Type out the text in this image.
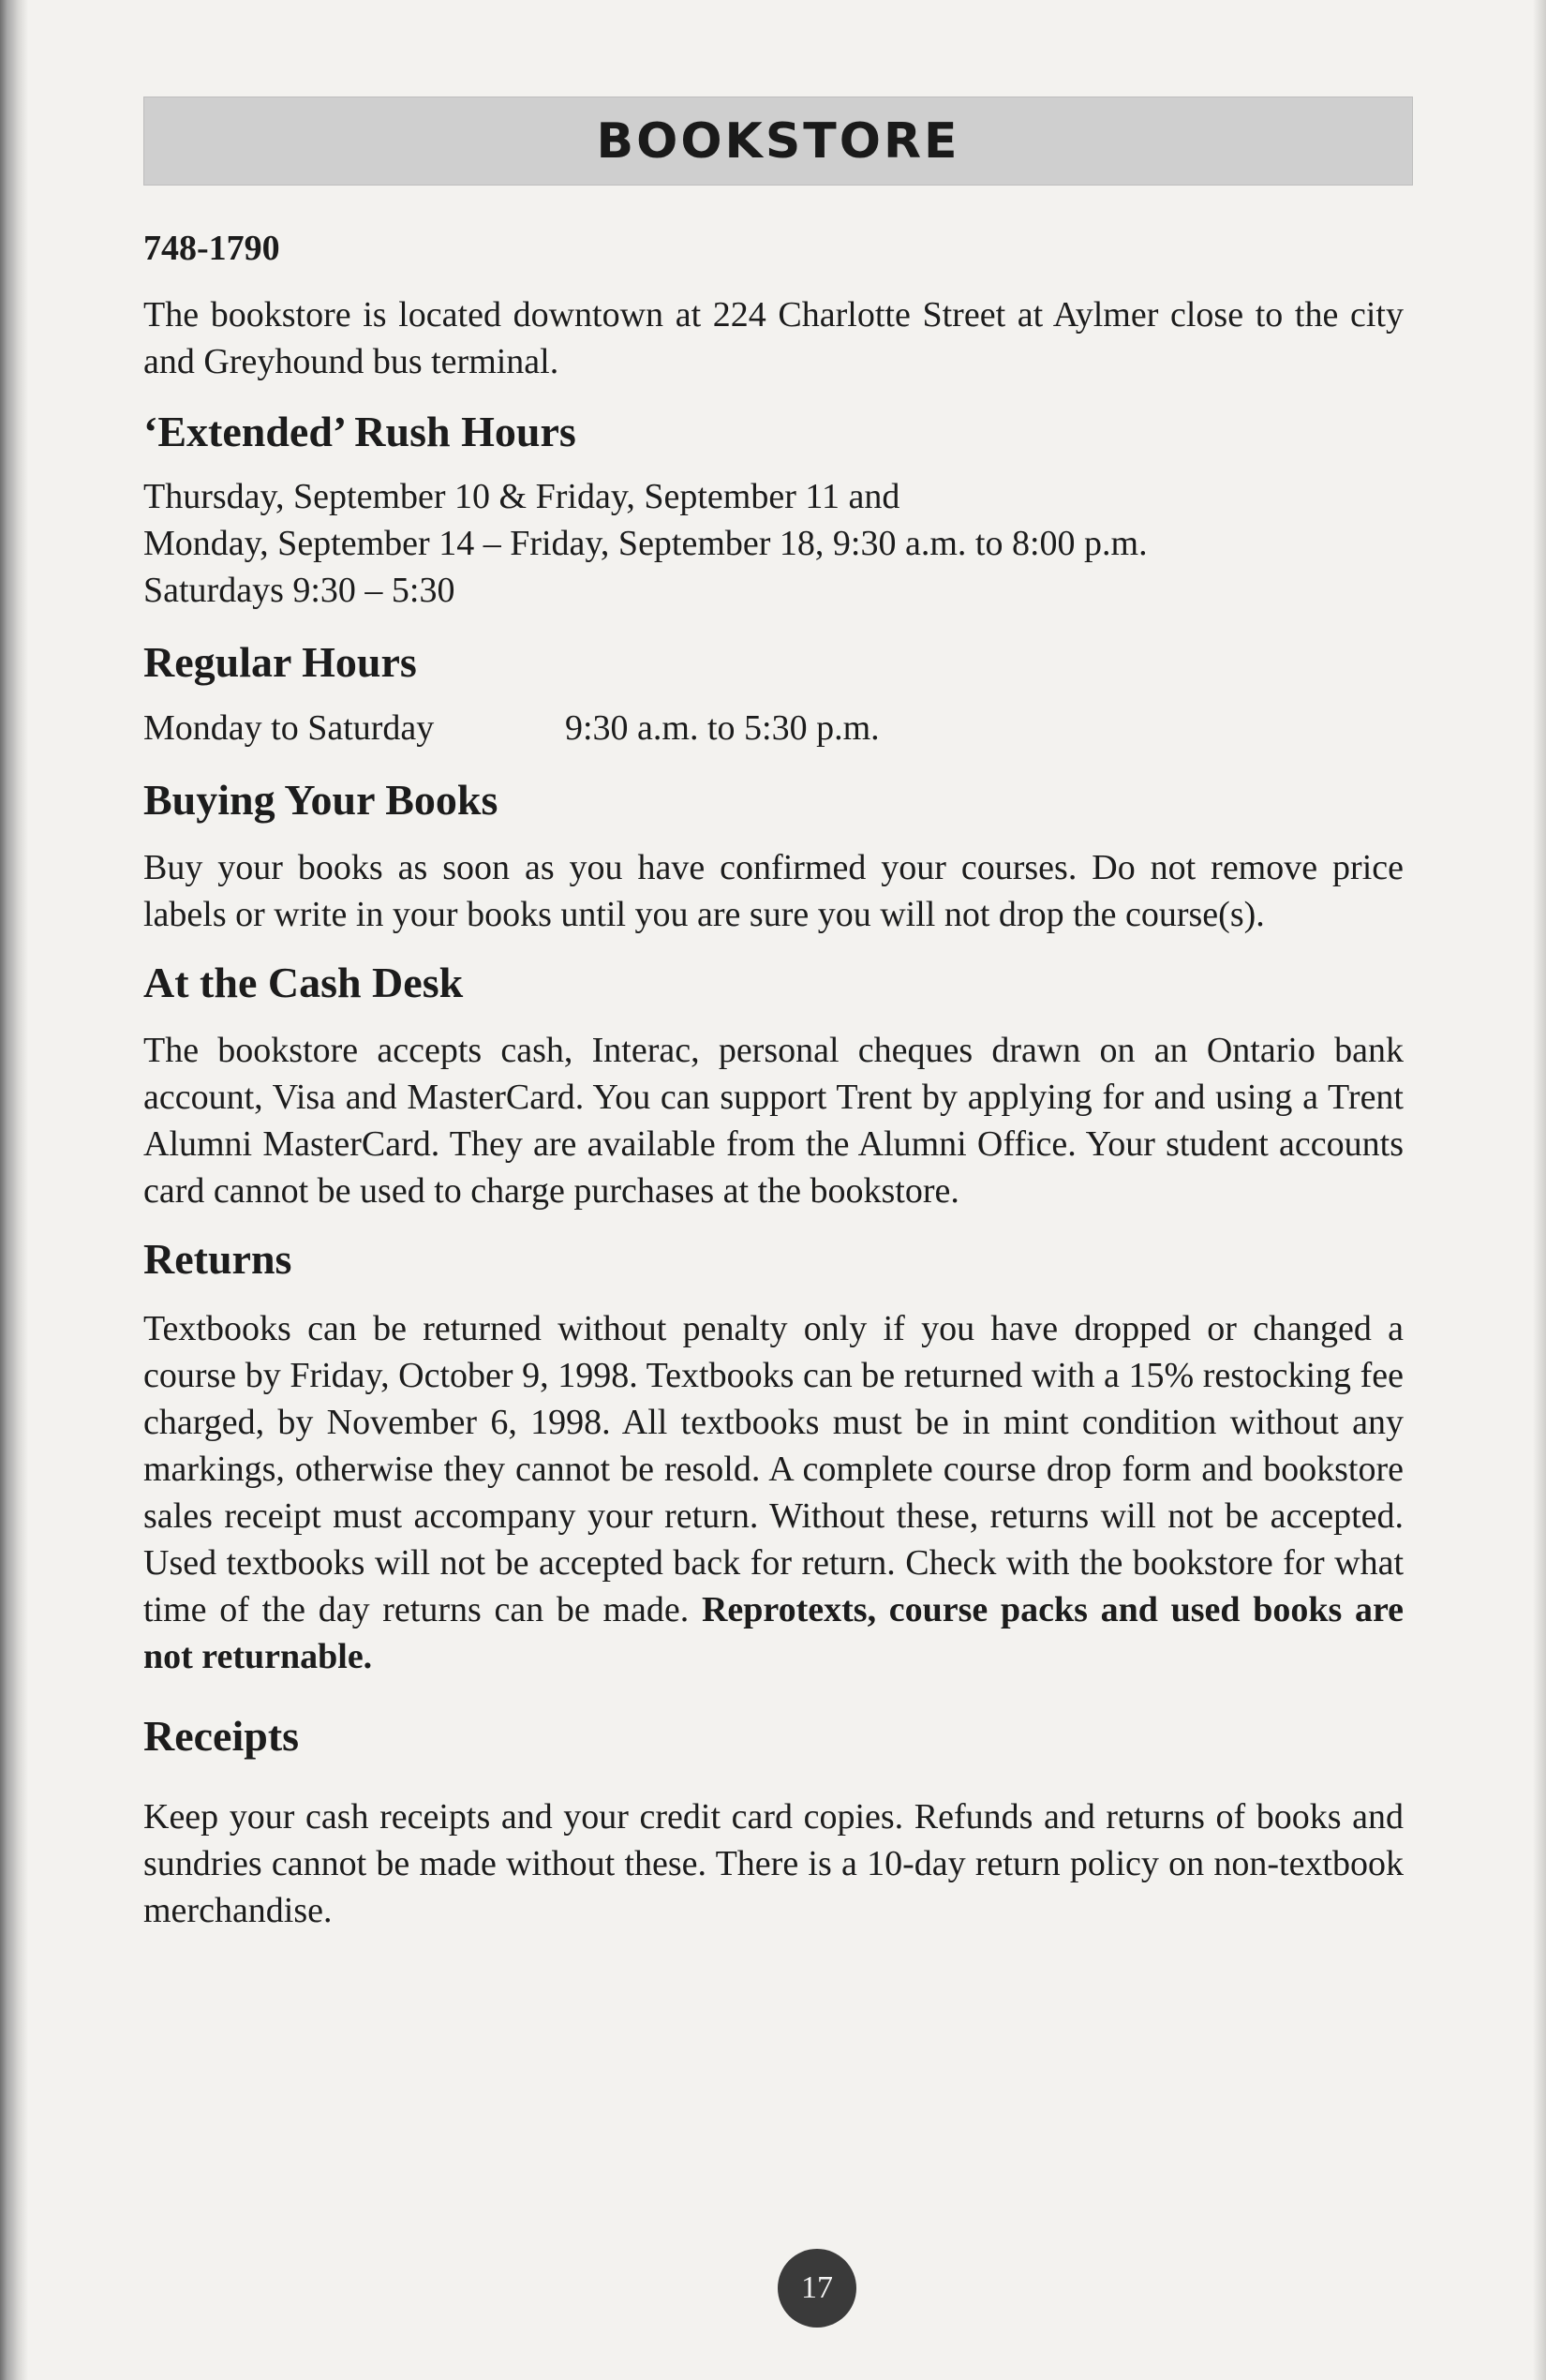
BOOKSTORE
748-1790

The bookstore is located downtown at 224 Charlotte Street at Aylmer close to the city and Greyhound bus terminal.

‘Extended’ Rush Hours

Thursday, September 10 & Friday, September 11 and

Monday, September 14 – Friday, September 18, 9:30 a.m. to 8:00 p.m.

Saturdays 9:30 – 5:30

Regular Hours
Monday to Saturday	9:30 a.m. to 5:30 p.m.
Buying Your Books

Buy your books as soon as you have confirmed your courses. Do not remove price labels or write in your books until you are sure you will not drop the course(s).

At the Cash Desk

The bookstore accepts cash, Interac, personal cheques drawn on an Ontario bank account, Visa and MasterCard. You can support Trent by applying for and using a Trent Alumni MasterCard. They are available from the Alumni Office. Your student accounts card cannot be used to charge purchases at the bookstore.

Returns

Textbooks can be returned without penalty only if you have dropped or changed a course by Friday, October 9, 1998. Textbooks can be returned with a 15% restocking fee charged, by November 6, 1998. All textbooks must be in mint condition without any markings, otherwise they cannot be resold. A complete course drop form and bookstore sales receipt must accompany your return. Without these, returns will not be accepted. Used textbooks will not be accepted back for return. Check with the bookstore for what time of the day returns can be made. Reprotexts, course packs and used books are not returnable.

Receipts

Keep your cash receipts and your credit card copies. Refunds and returns of books and sundries cannot be made without these. There is a 10-day return policy on non-textbook merchandise.

17
